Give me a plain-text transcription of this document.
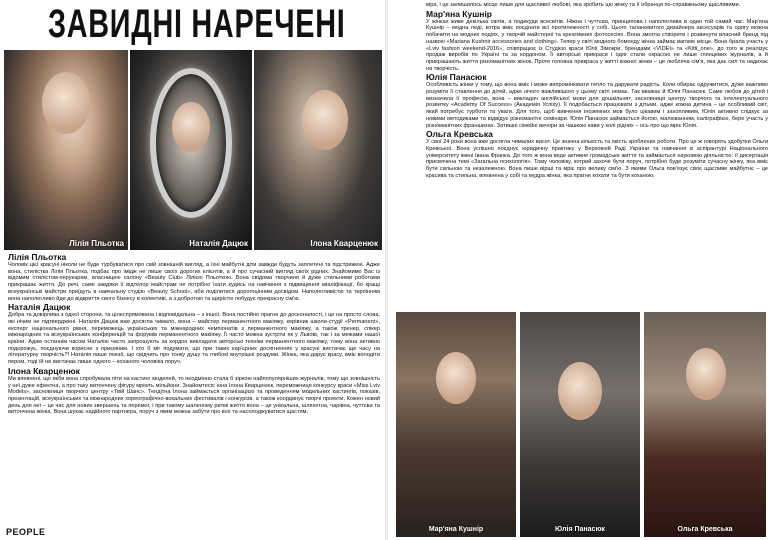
ЗАВИДНІ НАРЕЧЕНІ
Лілія Пльотка	Наталія Дацюк	Ілона Кварценюк
Лілія Пльотка

Чоловік цієї красуні ніколи не буде турбуватися про свій зовнішній вигляд, а їхні майбутні діти завжди будуть заплетені та підстрижені. Адже вона, стилістка Лілія Пльотка, подбає про імідж не лише своїх дорогих клієнтів, а й про сучасний вигляд своїх рідних. Знайомимо Вас із відомим стилістом-перукарем, власницею салону «Beauty Club» Лілією Пльоткою. Вона свідома творчиня й дуже стильними роботами прикрашає життя. До речі, саме завдяки її відтелор майстрам не потрібно їхати кудись на навчання з підвищення кваліфікації, бо кращі всеукраїнські майстри приїдуть в навчальну студію «Beauty School», аби поділитися дорогоцінним досвідом. Наполегливістю та терпінням вона наполегливо йде до відкриття свого бізнесу в колективі, а з добротою та щирістю побудує прекрасну сім'ю.

Наталія Дацюк

Добра та довірлива з одної сторони, та цілеспрямована і відповідальна – з іншої. Вона постійно прагне до досконалості, і це на просто слова, які нічим не підтверджені. Наталія Дацюк вже досягла чимало, вона – майстер перманентного макіяжу, керівник школи-студії «Permanent», експерт національного рівня, переможець українських та міжнародних чемпіонатів з перманентного макіяжу, а також тренер, спікер міжнародних та всеукраїнських конференцій та форумів перманентного макіяжу. Її часто можна зустріти як у Львові, так і за межами нашої країни. Адже останнім часом Наталію часто запрошують за кордон викладати авторські техніки перманентного макіяжу, тому вона активно подорожує, поєднуючи корисне з приємним. І хто б міг подумати, що при таких кар'єрних досягненнях у красуні вистачає ще часу на літературну творчість?! Наталія пише поезії, що свідчить про тонку душу та глибокі внутрішні роздуми. Жінка, яка дарує красу, вміє володіти пером, тоді їй не вистачає лише одного – коханого чоловіка поруч.

Ілона Кварценюк

Ми впевнені, що якби вона спробувала піти на кастинг моделей, то неодмінно стала б зіркою найпопулярніших журналів, тому що зовнішність у неї дуже ефектна, а про таку витончену фігуру мріють мільйони. Знайомтеся: юна Ілона Кварценюк, переможниця конкурсу краси «Miss Lviv Models», засновниця творчого центру «Твій Шанс». Тендітна Ілона займається організацією та проведенням модельних кастингів, показів, презентацій, всеукраїнських та міжнародних хореографічно-вокальних фестивалів і конкурсів, а також координує творчі проекти. Кожен новий день для неї – це час для нових звершень та перемог, і при такому шаленому ритмі життя вона – це унікальна, шляхетна, чарівна, чуттєва та витончена жінка. Вона шукає надійного партнера, поруч з яким можна забути про все та насолоджуватися щастям.

PEOPLE

віра, і це залишилось місце лише для щасливої любові, яка зробить цю жінку та її обранця по-справжньому щасливими.

Мар'яна Кушнір

У жінках живе декілька світів, а подекуди всесвітів. Ніжна і чуттєва, принципова і наполеглива в один той самий час. Мар'яна Кушнір – модна леді, котра вміє поєднати всі протилежності у собі. Цього талановитого дизайнера аксесуарів та одягу можна побачити на модних подіях, у творчій майстерні та креативних фотосесіях. Вона змогла створити і розвинути власний бренд під назвою «Mariana Kushnir accessories and clothing». Тепер у світі модного бомонду жінка займає вагоме місце. Вона брала участь у «Lviv fashion weekend-2016», співпрацює із Студією краси Юлії Зімокри, брендами «VIDEI» та «Kitti_one», до того ж реалізує продаж виробів по Україні та за кордоном. Її авторські прикраси і одяг стали окрасою не лише глянцевих журналів, а й прикрашають життя різноманітних жінок. Проте головна прикраса у житті кожної жінки – це любляча сім'я, яка дає сил та надихає на творчість.

Юлія Панасюк

Особливість жінки у тому, що вона вміє і може випромінювати тепло та дарувати радість. Коли обирає одружитися, дуже важливо розуміти її ставлення до дітей, адже нічого важливішого у цьому світі немає. Так вважає й Юлія Панасюк. Саме любов до дітей і визначила її професію, вона – викладач англійської мови для дошкільнят, засновниця центру творчого та інтелектуального розвитку «Academy Of Success» (Академія Успіху). Її подобається працювати з дітьми, адже кожна дитина – це особливий світ, який потребує турботи та уваги. Для того, щоб вивчення іноземних мов було цікавим і захопливим, Юлія активно слідкує за новими методиками та відвідує різноманітні семінари. Юлія Панасюк займається йогою, малюванням, каліграфією, бере участь у різноманітних франшизах. Затишні сімейні вечори за чашкою кави у колі рідних – ось про що мріє Юлія.

Ольга Кревська

У свої 24 роки вона вже досягла чималих висот. Це значна кількість та якість зроблених роботи. Про це ж говорять здобутки Ольги Кревської. Вона успішно поєднує юридичну практику у Верховній Раді України та навчання в аспірантурі Національного університету імені Івана Франка. До того ж вона веде активне громадське життя та займається науковою діяльністю: її дисертація присвячена темі «Загальна психологія». Тому чоловіку, котрий захоче бути поруч, потрібно буде розуміти сучасну жінку, яка вміє бути сильною та незалежною. Вона пише вірші та мріє про велику сім'ю. З якими Ольга пов'язує своє щасливе майбутнє – це красива та стильна, впевнена у собі та мудра жінка, яка прагне кохати та бути коханою.

Мар'яна Кушнір	Юлія Панасюк	Ольга Кревська
